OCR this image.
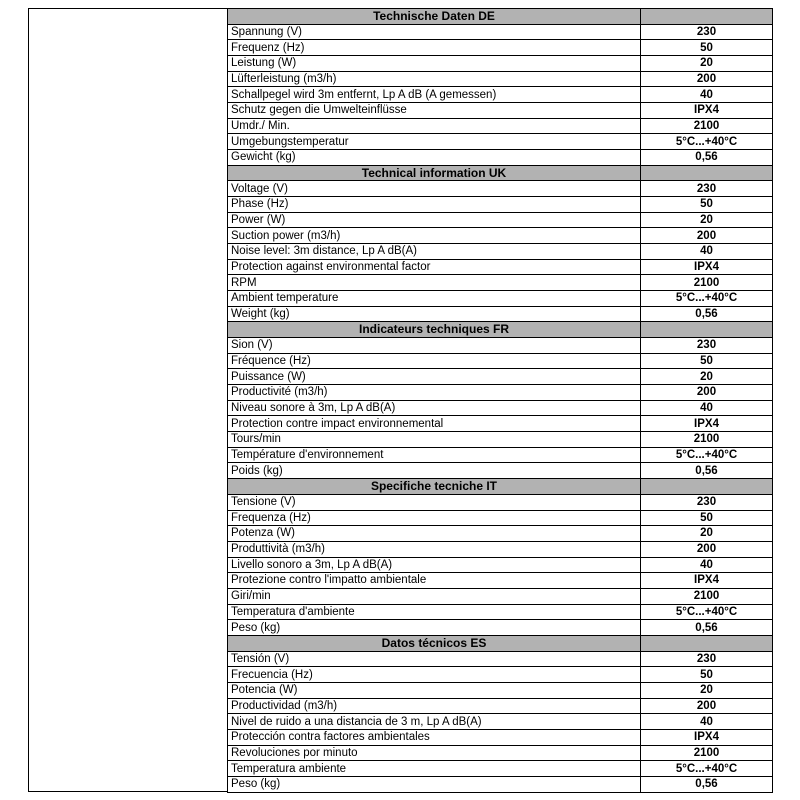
Technische Daten DE	
Spannung (V)	230
Frequenz (Hz)	50
Leistung (W)	20
Lüfterleistung (m3/h)	200
Schallpegel wird 3m entfernt, Lp A dB (A gemessen)	40
Schutz gegen die Umwelteinflüsse	IPX4
Umdr./ Min.	2100
Umgebungstemperatur	5°C...+40°C
Gewicht (kg)	0,56
Technical information UK	
Voltage (V)	230
Phase (Hz)	50
Power (W)	20
Suction power (m3/h)	200
Noise level: 3m distance, Lp A dB(A)	40
Protection against environmental factor	IPX4
RPM	2100
Ambient temperature	5°C...+40°C
Weight (kg)	0,56
Indicateurs techniques FR	
Sion (V)	230
Fréquence (Hz)	50
Puissance (W)	20
Productivité (m3/h)	200
Niveau sonore à 3m, Lp A dB(A)	40
Protection contre impact environnemental	IPX4
Tours/min	2100
Température d'environnement	5°C...+40°C
Poids (kg)	0,56
Specifiche tecniche IT	
Tensione (V)	230
Frequenza (Hz)	50
Potenza (W)	20
Produttività (m3/h)	200
Livello sonoro a 3m, Lp A dB(A)	40
Protezione contro l'impatto ambientale	IPX4
Giri/min	2100
Temperatura d'ambiente	5°C...+40°C
Peso (kg)	0,56
Datos técnicos ES	
Tensión (V)	230
Frecuencia (Hz)	50
Potencia (W)	20
Productividad (m3/h)	200
Nivel de ruido a una distancia de 3 m, Lp A dB(A)	40
Protección contra factores ambientales	IPX4
Revoluciones por minuto	2100
Temperatura ambiente	5°C...+40°C
Peso (kg)	0,56
